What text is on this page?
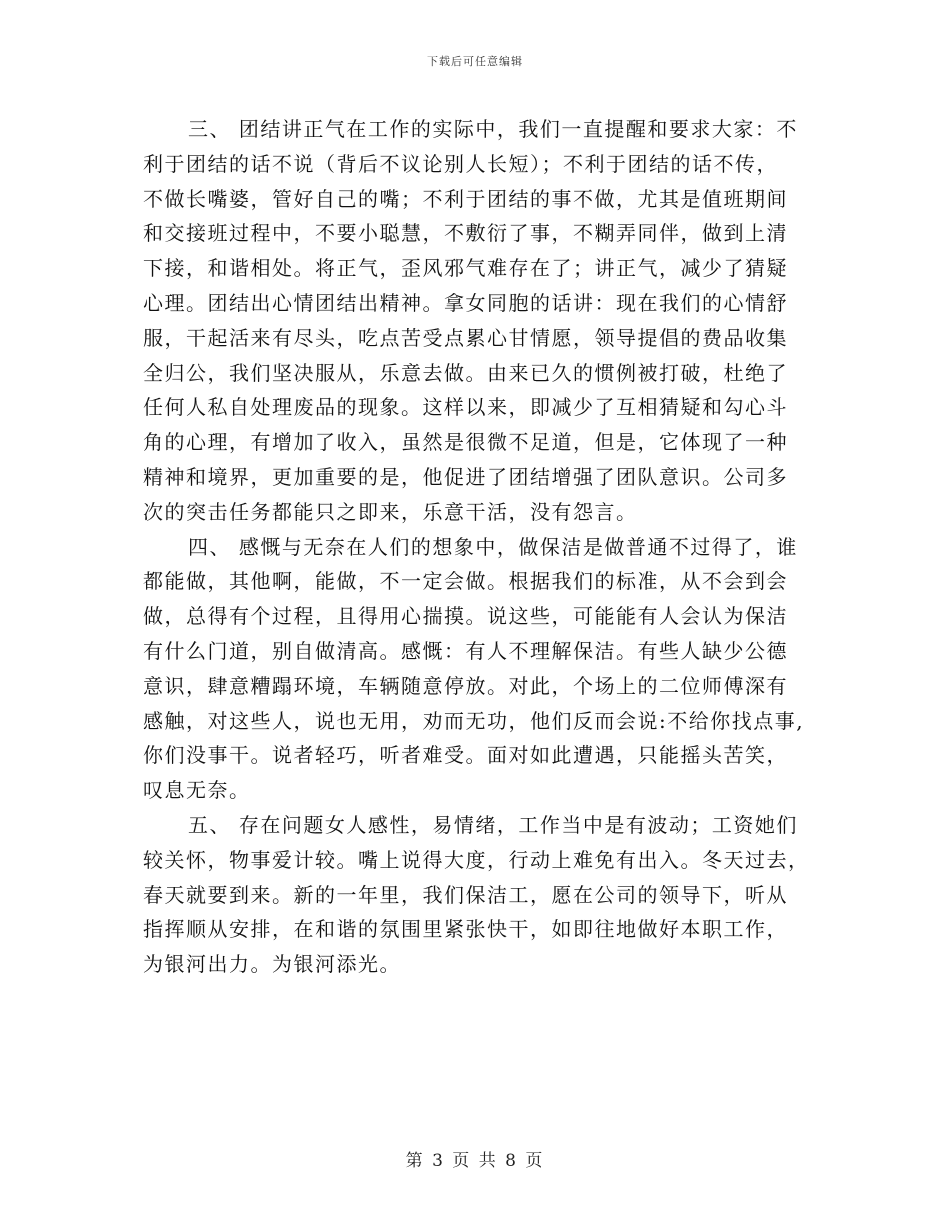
下载后可任意编辑
三、 团结讲正气在工作的实际中，我们一直提醒和要求大家：不
利于团结的话不说（背后不议论别人长短）；不利于团结的话不传，
不做长嘴婆，管好自己的嘴；不利于团结的事不做，尤其是值班期间
和交接班过程中，不要小聪慧，不敷衍了事，不糊弄同伴，做到上清
下接，和谐相处。将正气，歪风邪气难存在了；讲正气，减少了猜疑
心理。团结出心情团结出精神。拿女同胞的话讲：现在我们的心情舒
服，干起活来有尽头，吃点苦受点累心甘情愿，领导提倡的费品收集
全归公，我们坚决服从，乐意去做。由来已久的惯例被打破，杜绝了
任何人私自处理废品的现象。这样以来，即减少了互相猜疑和勾心斗
角的心理，有增加了收入，虽然是很微不足道，但是，它体现了一种
精神和境界，更加重要的是，他促进了团结增强了团队意识。公司多
次的突击任务都能只之即来，乐意干活，没有怨言。
四、 感慨与无奈在人们的想象中，做保洁是做普通不过得了，谁
都能做，其他啊，能做，不一定会做。根据我们的标准，从不会到会
做，总得有个过程，且得用心揣摸。说这些，可能能有人会认为保洁
有什么门道，别自做清高。感慨：有人不理解保洁。有些人缺少公德
意识，肆意糟蹋环境，车辆随意停放。对此，个场上的二位师傅深有
感触，对这些人，说也无用，劝而无功，他们反而会说:不给你找点事,
你们没事干。说者轻巧，听者难受。面对如此遭遇，只能摇头苦笑，
叹息无奈。
五、 存在问题女人感性，易情绪，工作当中是有波动；工资她们
较关怀，物事爱计较。嘴上说得大度，行动上难免有出入。冬天过去，
春天就要到来。新的一年里，我们保洁工，愿在公司的领导下，听从
指挥顺从安排，在和谐的氛围里紧张快干，如即往地做好本职工作，
为银河出力。为银河添光。
第 3 页 共 8 页
